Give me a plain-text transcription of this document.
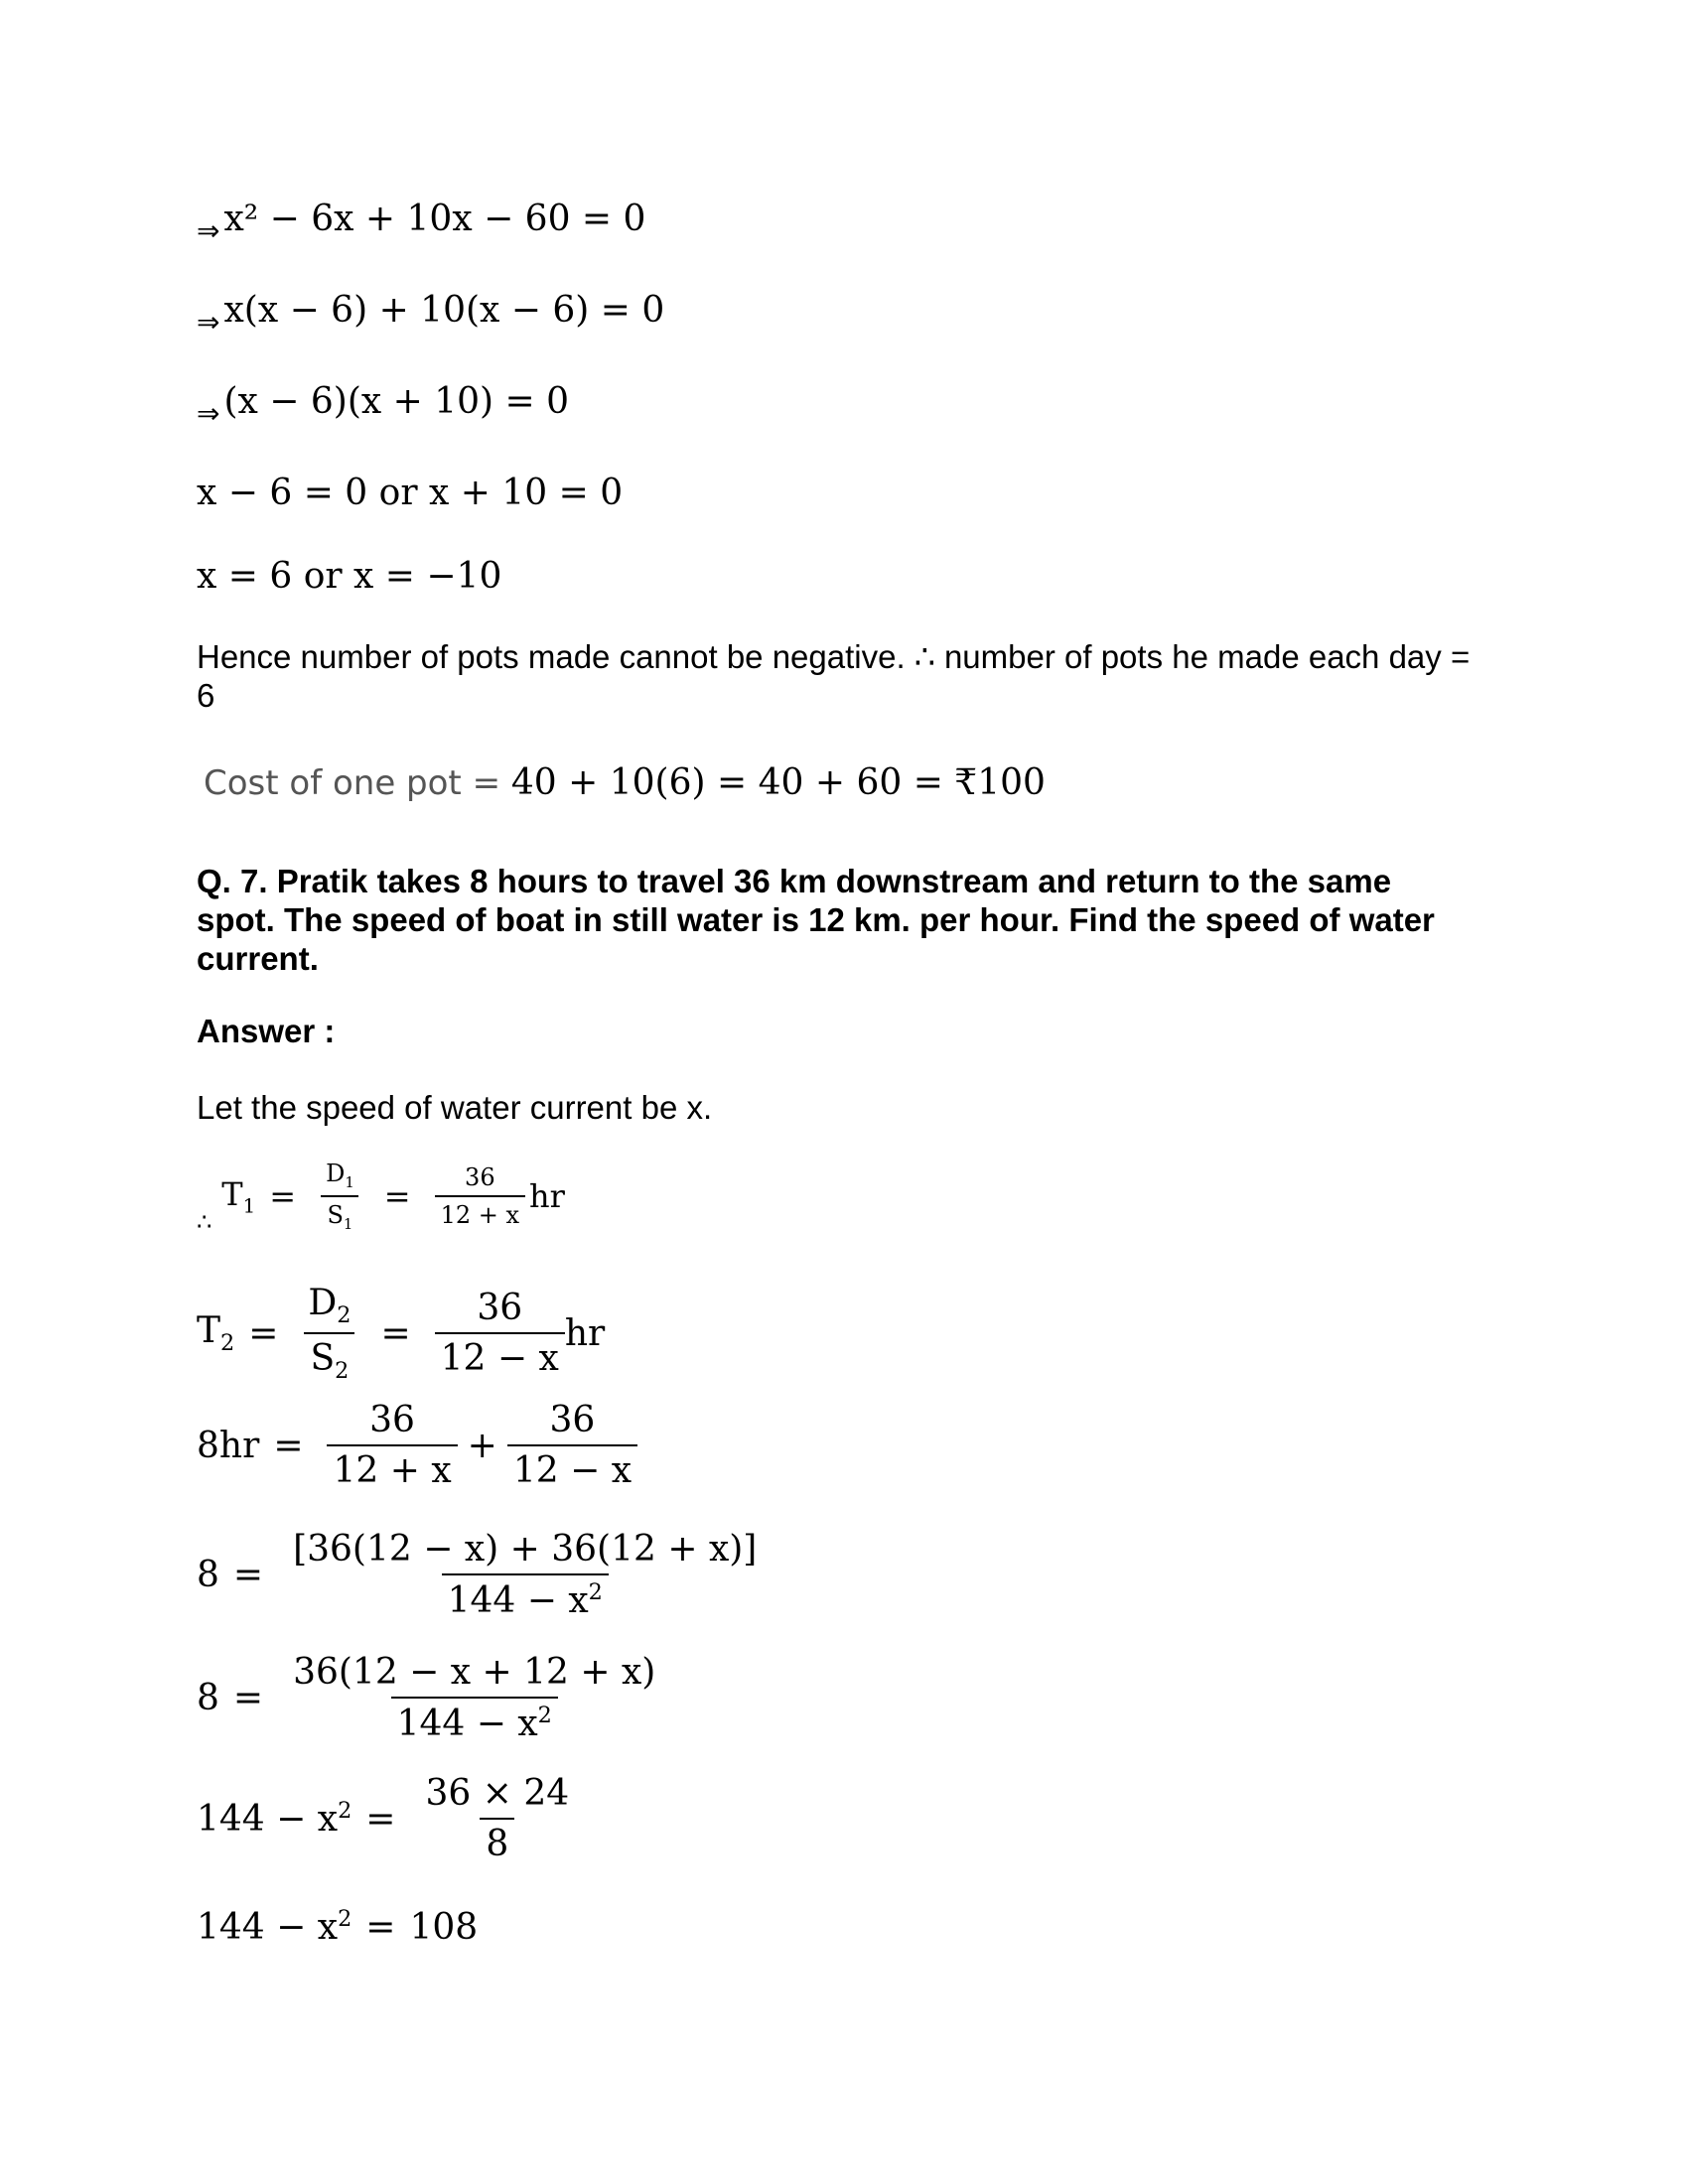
$_\Rightarrow$ x² − 6x + 10x − 60 = 0
$_\Rightarrow$ x(x − 6) + 10(x − 6) = 0
$_\Rightarrow$ (x − 6)(x + 10) = 0
x − 6 = 0 or x + 10 = 0
x = 6 or x = −10
Hence number of pots made cannot be negative. ∴ number of pots he made each day = 6
Cost of one pot = 40 + 10(6) = 40 + 60 = ₹100
Q. 7. Pratik takes 8 hours to travel 36 km downstream and return to the same spot. The speed of boat in still water is 12 km. per hour. Find the speed of water current.
Answer :
Let the speed of water current be x.
∴
$T_1 = \frac{D_1}{S_1} = \frac{36}{12 + x}$ hr
$T_2 = \frac{D_2}{S_2} = \frac{36}{12 - x}$ hr
$8hr = \frac{36}{12 + x} + \frac{36}{12 - x}$
$8 = \frac{[36(12 - x) + 36(12 + x)]}{144 - x^2}$
$8 = \frac{36(12 - x + 12 + x)}{144 - x^2}$
$144 - x^2 = \frac{36 \times 24}{8}$
$144 - x^2 = 108$
